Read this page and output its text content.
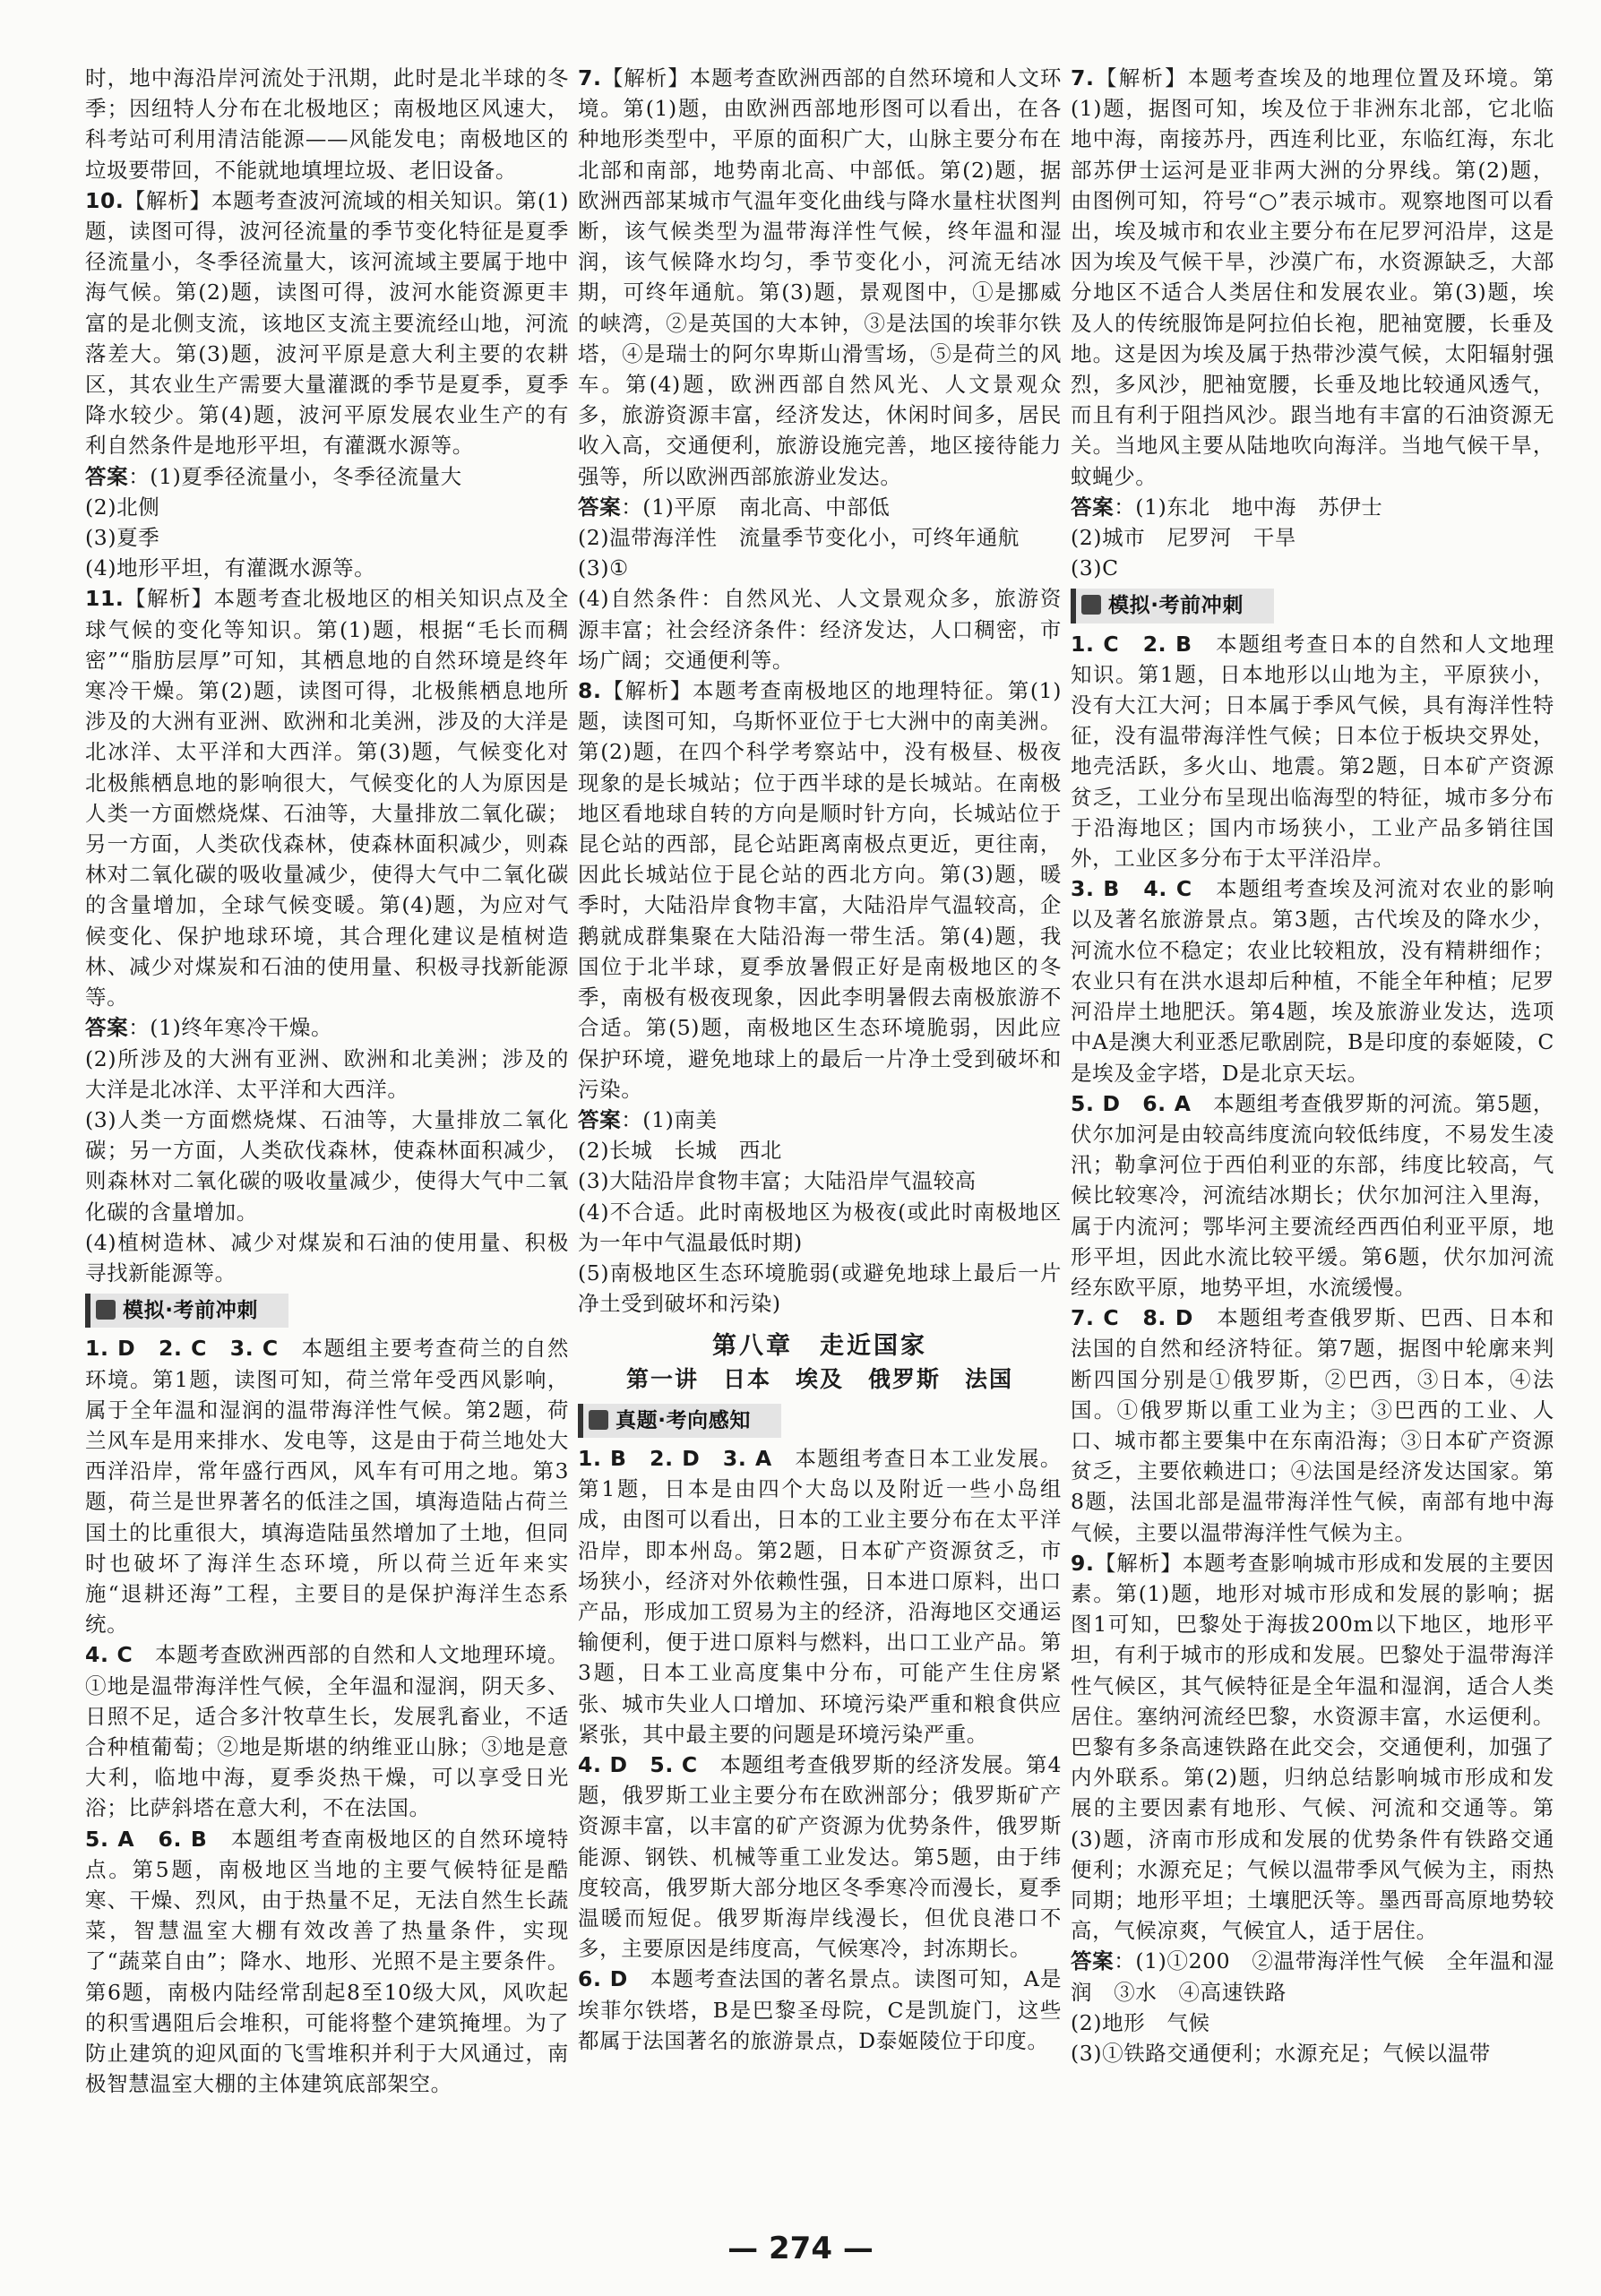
时，地中海沿岸河流处于汛期，此时是北半球的冬季；因纽特人分布在北极地区；南极地区风速大，科考站可利用清洁能源——风能发电；南极地区的垃圾要带回，不能就地填埋垃圾、老旧设备。

10.【解析】本题考查波河流域的相关知识。第(1)题，读图可得，波河径流量的季节变化特征是夏季径流量小，冬季径流量大，该河流域主要属于地中海气候。第(2)题，读图可得，波河水能资源更丰富的是北侧支流，该地区支流主要流经山地，河流落差大。第(3)题，波河平原是意大利主要的农耕区，其农业生产需要大量灌溉的季节是夏季，夏季降水较少。第(4)题，波河平原发展农业生产的有利自然条件是地形平坦，有灌溉水源等。

答案：(1)夏季径流量小，冬季径流量大

(2)北侧

(3)夏季

(4)地形平坦，有灌溉水源等。

11.【解析】本题考查北极地区的相关知识点及全球气候的变化等知识。第(1)题，根据“毛长而稠密”“脂肪层厚”可知，其栖息地的自然环境是终年寒冷干燥。第(2)题，读图可得，北极熊栖息地所涉及的大洲有亚洲、欧洲和北美洲，涉及的大洋是北冰洋、太平洋和大西洋。第(3)题，气候变化对北极熊栖息地的影响很大，气候变化的人为原因是人类一方面燃烧煤、石油等，大量排放二氧化碳；另一方面，人类砍伐森林，使森林面积减少，则森林对二氧化碳的吸收量减少，使得大气中二氧化碳的含量增加，全球气候变暖。第(4)题，为应对气候变化、保护地球环境，其合理化建议是植树造林、减少对煤炭和石油的使用量、积极寻找新能源等。

答案：(1)终年寒冷干燥。

(2)所涉及的大洲有亚洲、欧洲和北美洲；涉及的大洋是北冰洋、太平洋和大西洋。

(3)人类一方面燃烧煤、石油等，大量排放二氧化碳；另一方面，人类砍伐森林，使森林面积减少，则森林对二氧化碳的吸收量减少，使得大气中二氧化碳的含量增加。

(4)植树造林、减少对煤炭和石油的使用量、积极寻找新能源等。

模拟·考前冲刺

1. D　2. C　3. C　本题组主要考查荷兰的自然环境。第1题，读图可知，荷兰常年受西风影响，属于全年温和湿润的温带海洋性气候。第2题，荷兰风车是用来排水、发电等，这是由于荷兰地处大西洋沿岸，常年盛行西风，风车有可用之地。第3题，荷兰是世界著名的低洼之国，填海造陆占荷兰国土的比重很大，填海造陆虽然增加了土地，但同时也破坏了海洋生态环境，所以荷兰近年来实施“退耕还海”工程，主要目的是保护海洋生态系统。

4. C　本题考查欧洲西部的自然和人文地理环境。①地是温带海洋性气候，全年温和湿润，阴天多、日照不足，适合多汁牧草生长，发展乳畜业，不适合种植葡萄；②地是斯堪的纳维亚山脉；③地是意大利，临地中海，夏季炎热干燥，可以享受日光浴；比萨斜塔在意大利，不在法国。

5. A　6. B　本题组考查南极地区的自然环境特点。第5题，南极地区当地的主要气候特征是酷寒、干燥、烈风，由于热量不足，无法自然生长蔬菜，智慧温室大棚有效改善了热量条件，实现了“蔬菜自由”；降水、地形、光照不是主要条件。第6题，南极内陆经常刮起8至10级大风，风吹起的积雪遇阻后会堆积，可能将整个建筑掩埋。为了防止建筑的迎风面的飞雪堆积并利于大风通过，南极智慧温室大棚的主体建筑底部架空。

7.【解析】本题考查欧洲西部的自然环境和人文环境。第(1)题，由欧洲西部地形图可以看出，在各种地形类型中，平原的面积广大，山脉主要分布在北部和南部，地势南北高、中部低。第(2)题，据欧洲西部某城市气温年变化曲线与降水量柱状图判断，该气候类型为温带海洋性气候，终年温和湿润，该气候降水均匀，季节变化小，河流无结冰期，可终年通航。第(3)题，景观图中，①是挪威的峡湾，②是英国的大本钟，③是法国的埃菲尔铁塔，④是瑞士的阿尔卑斯山滑雪场，⑤是荷兰的风车。第(4)题，欧洲西部自然风光、人文景观众多，旅游资源丰富，经济发达，休闲时间多，居民收入高，交通便利，旅游设施完善，地区接待能力强等，所以欧洲西部旅游业发达。

答案：(1)平原　南北高、中部低

(2)温带海洋性　流量季节变化小，可终年通航

(3)①

(4)自然条件：自然风光、人文景观众多，旅游资源丰富；社会经济条件：经济发达，人口稠密，市场广阔；交通便利等。

8.【解析】本题考查南极地区的地理特征。第(1)题，读图可知，乌斯怀亚位于七大洲中的南美洲。第(2)题，在四个科学考察站中，没有极昼、极夜现象的是长城站；位于西半球的是长城站。在南极地区看地球自转的方向是顺时针方向，长城站位于昆仑站的西部，昆仑站距离南极点更近，更往南，因此长城站位于昆仑站的西北方向。第(3)题，暖季时，大陆沿岸食物丰富，大陆沿岸气温较高，企鹅就成群集聚在大陆沿海一带生活。第(4)题，我国位于北半球，夏季放暑假正好是南极地区的冬季，南极有极夜现象，因此李明暑假去南极旅游不合适。第(5)题，南极地区生态环境脆弱，因此应保护环境，避免地球上的最后一片净土受到破坏和污染。

答案：(1)南美

(2)长城　长城　西北

(3)大陆沿岸食物丰富；大陆沿岸气温较高

(4)不合适。此时南极地区为极夜(或此时南极地区为一年中气温最低时期)

(5)南极地区生态环境脆弱(或避免地球上最后一片净土受到破坏和污染)

第八章　走近国家
第一讲　日本　埃及　俄罗斯　法国
真题·考向感知

1. B　2. D　3. A　本题组考查日本工业发展。第1题，日本是由四个大岛以及附近一些小岛组成，由图可以看出，日本的工业主要分布在太平洋沿岸，即本州岛。第2题，日本矿产资源贫乏，市场狭小，经济对外依赖性强，日本进口原料，出口产品，形成加工贸易为主的经济，沿海地区交通运输便利，便于进口原料与燃料，出口工业产品。第3题，日本工业高度集中分布，可能产生住房紧张、城市失业人口增加、环境污染严重和粮食供应紧张，其中最主要的问题是环境污染严重。

4. D　5. C　本题组考查俄罗斯的经济发展。第4题，俄罗斯工业主要分布在欧洲部分；俄罗斯矿产资源丰富，以丰富的矿产资源为优势条件，俄罗斯能源、钢铁、机械等重工业发达。第5题，由于纬度较高，俄罗斯大部分地区冬季寒冷而漫长，夏季温暖而短促。俄罗斯海岸线漫长，但优良港口不多，主要原因是纬度高，气候寒冷，封冻期长。

6. D　本题考查法国的著名景点。读图可知，A是埃菲尔铁塔，B是巴黎圣母院，C是凯旋门，这些都属于法国著名的旅游景点，D泰姬陵位于印度。

7.【解析】本题考查埃及的地理位置及环境。第(1)题，据图可知，埃及位于非洲东北部，它北临地中海，南接苏丹，西连利比亚，东临红海，东北部苏伊士运河是亚非两大洲的分界线。第(2)题，由图例可知，符号“○”表示城市。观察地图可以看出，埃及城市和农业主要分布在尼罗河沿岸，这是因为埃及气候干旱，沙漠广布，水资源缺乏，大部分地区不适合人类居住和发展农业。第(3)题，埃及人的传统服饰是阿拉伯长袍，肥袖宽腰，长垂及地。这是因为埃及属于热带沙漠气候，太阳辐射强烈，多风沙，肥袖宽腰，长垂及地比较通风透气，而且有利于阻挡风沙。跟当地有丰富的石油资源无关。当地风主要从陆地吹向海洋。当地气候干旱，蚊蝇少。

答案：(1)东北　地中海　苏伊士

(2)城市　尼罗河　干旱

(3)C

模拟·考前冲刺

1. C　2. B　本题组考查日本的自然和人文地理知识。第1题，日本地形以山地为主，平原狭小，没有大江大河；日本属于季风气候，具有海洋性特征，没有温带海洋性气候；日本位于板块交界处，地壳活跃，多火山、地震。第2题，日本矿产资源贫乏，工业分布呈现出临海型的特征，城市多分布于沿海地区；国内市场狭小，工业产品多销往国外，工业区多分布于太平洋沿岸。

3. B　4. C　本题组考查埃及河流对农业的影响以及著名旅游景点。第3题，古代埃及的降水少，河流水位不稳定；农业比较粗放，没有精耕细作；农业只有在洪水退却后种植，不能全年种植；尼罗河沿岸土地肥沃。第4题，埃及旅游业发达，选项中A是澳大利亚悉尼歌剧院，B是印度的泰姬陵，C是埃及金字塔，D是北京天坛。

5. D　6. A　本题组考查俄罗斯的河流。第5题，伏尔加河是由较高纬度流向较低纬度，不易发生凌汛；勒拿河位于西伯利亚的东部，纬度比较高，气候比较寒冷，河流结冰期长；伏尔加河注入里海，属于内流河；鄂毕河主要流经西西伯利亚平原，地形平坦，因此水流比较平缓。第6题，伏尔加河流经东欧平原，地势平坦，水流缓慢。

7. C　8. D　本题组考查俄罗斯、巴西、日本和法国的自然和经济特征。第7题，据图中轮廓来判断四国分别是①俄罗斯，②巴西，③日本，④法国。①俄罗斯以重工业为主；③巴西的工业、人口、城市都主要集中在东南沿海；③日本矿产资源贫乏，主要依赖进口；④法国是经济发达国家。第8题，法国北部是温带海洋性气候，南部有地中海气候，主要以温带海洋性气候为主。

9.【解析】本题考查影响城市形成和发展的主要因素。第(1)题，地形对城市形成和发展的影响；据图1可知，巴黎处于海拔200m以下地区，地形平坦，有利于城市的形成和发展。巴黎处于温带海洋性气候区，其气候特征是全年温和湿润，适合人类居住。塞纳河流经巴黎，水资源丰富，水运便利。巴黎有多条高速铁路在此交会，交通便利，加强了内外联系。第(2)题，归纳总结影响城市形成和发展的主要因素有地形、气候、河流和交通等。第(3)题，济南市形成和发展的优势条件有铁路交通便利；水源充足；气候以温带季风气候为主，雨热同期；地形平坦；土壤肥沃等。墨西哥高原地势较高，气候凉爽，气候宜人，适于居住。

答案：(1)①200　②温带海洋性气候　全年温和湿润　③水　④高速铁路

(2)地形　气候

(3)①铁路交通便利；水源充足；气候以温带

— 274 —
